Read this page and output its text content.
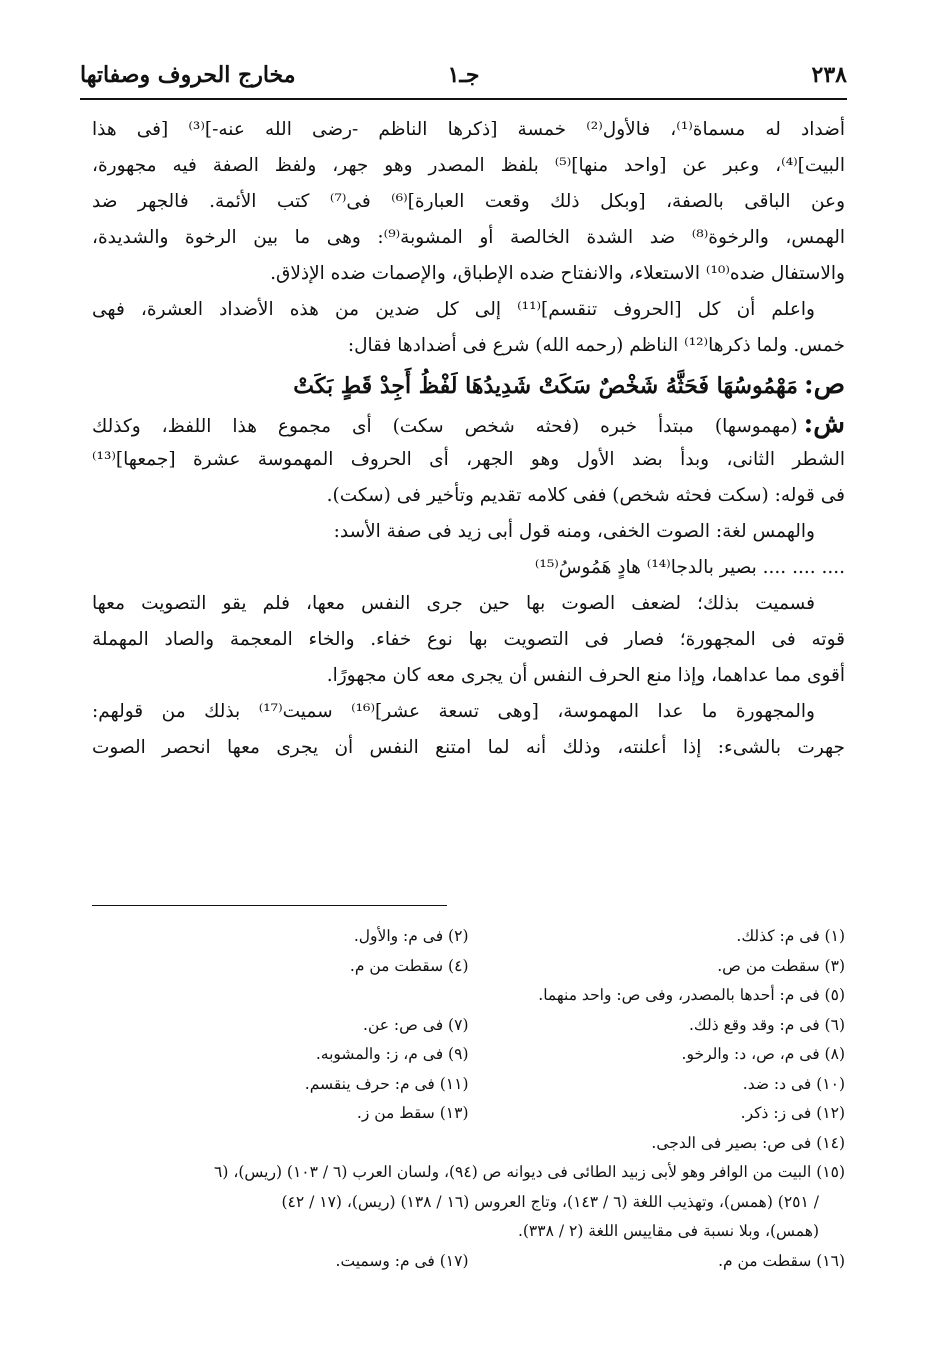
٢٣٨
جـ١
مخارج الحروف وصفاتها
أضداد له مسماة⁽¹⁾، فالأول⁽²⁾ خمسة [ذكرها الناظم -رضى الله عنه-]⁽³⁾ [فى هذا
البيت]⁽⁴⁾، وعبر عن [واحد منها]⁽⁵⁾ بلفظ المصدر وهو جهر، ولفظ الصفة فيه مجهورة،
وعن الباقى بالصفة، [وبكل ذلك وقعت العبارة]⁽⁶⁾ فى⁽⁷⁾ كتب الأئمة. فالجهر ضد
الهمس، والرخوة⁽⁸⁾ ضد الشدة الخالصة أو المشوبة⁽⁹⁾: وهى ما بين الرخوة والشديدة،
والاستفال ضده⁽¹⁰⁾ الاستعلاء، والانفتاح ضده الإطباق، والإصمات ضده الإذلاق.
واعلم أن كل [الحروف تنقسم]⁽¹¹⁾ إلى كل ضدين من هذه الأضداد العشرة، فهى
خمس. ولما ذكرها⁽¹²⁾ الناظم (رحمه الله) شرع فى أضدادها فقال:
ص:مَهْمُوسُهَا فَحَثَّهُ شَخْصٌ سَكَتْ شَدِيدُهَا لَفْظُ أَجِدْ قَطٍ بَكَتْ
ش:(مهموسها) مبتدأ خبره (فحثه شخص سكت) أى مجموع هذا اللفظ، وكذلك
الشطر الثانى، وبدأ بضد الأول وهو الجهر، أى الحروف المهموسة عشرة [جمعها]⁽¹³⁾
فى قوله: (سكت فحثه شخص) ففى كلامه تقديم وتأخير فى (سكت).
والهمس لغة: الصوت الخفى، ومنه قول أبى زيد فى صفة الأسد:
.... .... .... بصير بالدجا⁽¹⁴⁾ هادٍ هَمُوسُ⁽¹⁵⁾
فسميت بذلك؛ لضعف الصوت بها حين جرى النفس معها، فلم يقو التصويت معها
قوته فى المجهورة؛ فصار فى التصويت بها نوع خفاء. والخاء المعجمة والصاد المهملة
أقوى مما عداهما، وإذا منع الحرف النفس أن يجرى معه كان مجهورًا.
والمجهورة ما عدا المهموسة، [وهى تسعة عشر]⁽¹⁶⁾ سميت⁽¹⁷⁾ بذلك من قولهم:
جهرت بالشىء: إذا أعلنته، وذلك أنه لما امتنع النفس أن يجرى معها انحصر الصوت
(١) فى م: كذلك.
(٢) فى م: والأول.
(٣) سقطت من ص.
(٤) سقطت من م.
(٥) فى م: أحدها بالمصدر، وفى ص: واحد منهما.
(٦) فى م: وقد وقع ذلك.
(٧) فى ص: عن.
(٨) فى م، ص، د: والرخو.
(٩) فى م، ز: والمشوبه.
(١٠) فى د: ضد.
(١١) فى م: حرف ينقسم.
(١٢) فى ز: ذكر.
(١٣) سقط من ز.
(١٤) فى ص: بصير فى الدجى.
(١٥) البيت من الوافر وهو لأبى زبيد الطائى فى ديوانه ص (٩٤)، ولسان العرب (٦ / ١٠٣) (ريس)، (٦
/ ٢٥١) (همس)، وتهذيب اللغة (٦ / ١٤٣)، وتاج العروس (١٦ / ١٣٨) (ريس)، (١٧ / ٤٢)
(همس)، وبلا نسبة فى مقاييس اللغة (٢ / ٣٣٨).
(١٦) سقطت من م.
(١٧) فى م: وسميت.
